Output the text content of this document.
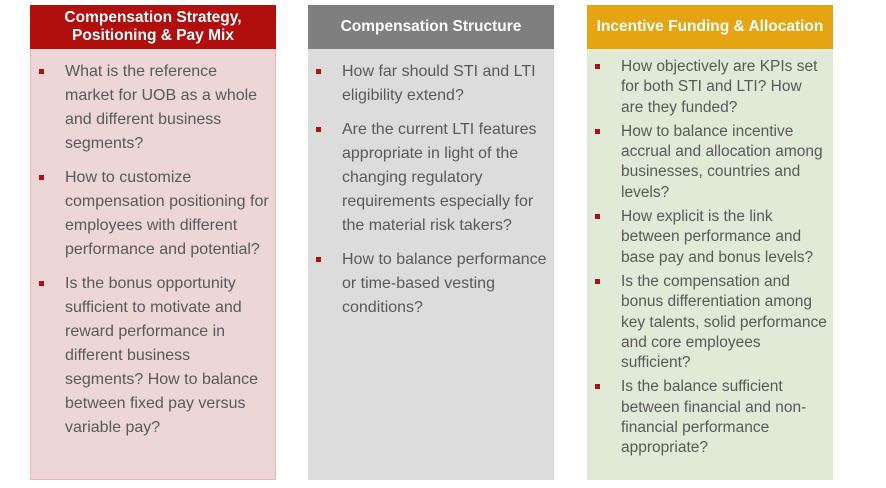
Compensation Strategy, Positioning & Pay Mix
What is the reference market for UOB as a whole and different business segments?
How to customize compensation positioning for employees with different performance and potential?
Is the bonus opportunity sufficient to motivate and reward performance in different business segments? How to balance between fixed pay versus variable pay?
Compensation Structure
How far should STI and LTI eligibility extend?
Are the current LTI features appropriate in light of the changing regulatory requirements especially for the material risk takers?
How to balance performance or time-based vesting conditions?
Incentive Funding & Allocation
How objectively are KPIs set for both STI and LTI? How are they funded?
How to balance incentive accrual and allocation among businesses, countries and levels?
How explicit is the link between performance and base pay and bonus levels?
Is the compensation and bonus differentiation among key talents, solid performance and core employees sufficient?
Is the balance sufficient between financial and non-financial performance appropriate?
